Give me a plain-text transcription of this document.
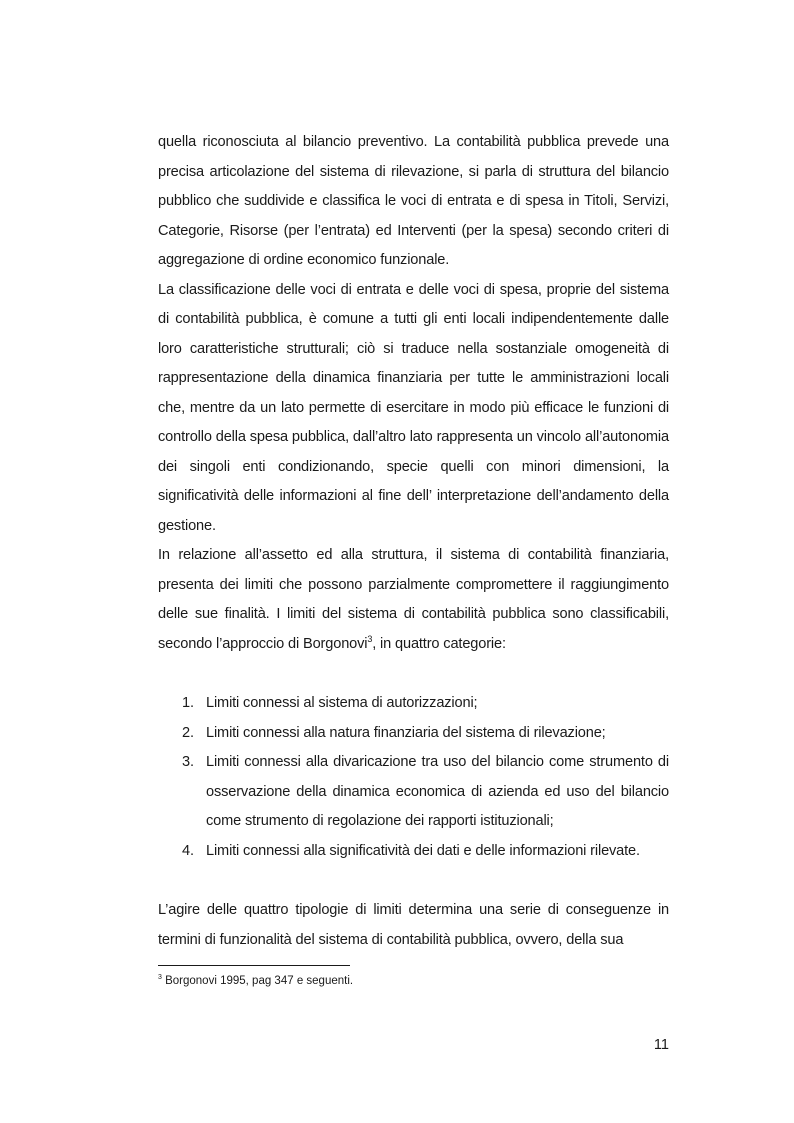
quella riconosciuta al bilancio preventivo. La contabilità pubblica prevede una precisa articolazione del sistema di rilevazione, si parla di struttura del bilancio pubblico che suddivide e classifica le voci di entrata e di spesa in Titoli, Servizi, Categorie, Risorse (per l’entrata) ed Interventi (per la spesa) secondo criteri di aggregazione di ordine economico funzionale.

La classificazione delle voci di entrata e delle voci di spesa, proprie del sistema di contabilità pubblica, è comune a tutti gli enti locali indipendentemente dalle loro caratteristiche strutturali; ciò si traduce nella sostanziale omogeneità di rappresentazione della dinamica finanziaria per tutte le amministrazioni locali che, mentre da un lato permette di esercitare in modo più efficace le funzioni di controllo della spesa pubblica, dall’altro lato rappresenta un vincolo all’autonomia dei singoli enti condizionando, specie quelli con minori dimensioni, la significatività delle informazioni al fine dell’ interpretazione dell’andamento della gestione.

In relazione all’assetto ed alla struttura, il sistema di contabilità finanziaria, presenta dei limiti che possono parzialmente compromettere il raggiungimento delle sue finalità. I limiti del sistema di contabilità pubblica sono classificabili, secondo l’approccio di Borgonovi$^3$, in quattro categorie:

1. Limiti connessi al sistema di autorizzazioni;
2. Limiti connessi alla natura finanziaria del sistema di rilevazione;
3. Limiti connessi alla divaricazione tra uso del bilancio come strumento di osservazione della dinamica economica di azienda ed uso del bilancio come strumento di regolazione dei rapporti istituzionali;
4. Limiti connessi alla significatività dei dati e delle informazioni rilevate.

L’agire delle quattro tipologie di limiti determina una serie di conseguenze in termini di funzionalità del sistema di contabilità pubblica, ovvero, della sua

$^3$ Borgonovi 1995, pag 347 e seguenti.
11
